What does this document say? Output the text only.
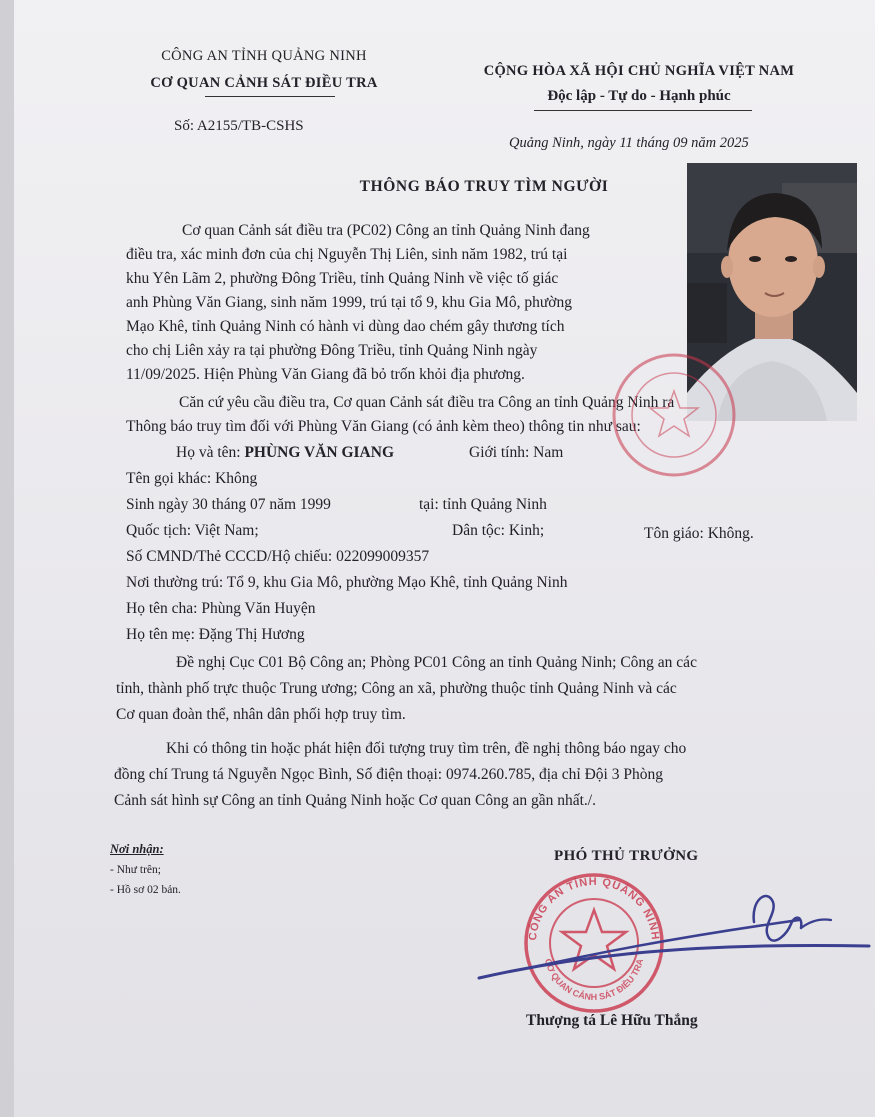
CÔNG AN TỈNH QUẢNG NINH
CƠ QUAN CẢNH SÁT ĐIỀU TRA
Số: A2155/TB-CSHS
CỘNG HÒA XÃ HỘI CHỦ NGHĨA VIỆT NAM
Độc lập - Tự do - Hạnh phúc
Quảng Ninh, ngày 11 tháng 09 năm 2025
THÔNG BÁO TRUY TÌM NGƯỜI
Cơ quan Cảnh sát điều tra (PC02) Công an tỉnh Quảng Ninh đang
điều tra, xác minh đơn của chị Nguyễn Thị Liên, sinh năm 1982, trú tại
khu Yên Lãm 2, phường Đông Triều, tỉnh Quảng Ninh về việc tố giác
anh Phùng Văn Giang, sinh năm 1999, trú tại tổ 9, khu Gia Mô, phường
Mạo Khê, tỉnh Quảng Ninh có hành vi dùng dao chém gây thương tích
cho chị Liên xảy ra tại phường Đông Triều, tỉnh Quảng Ninh ngày
11/09/2025. Hiện Phùng Văn Giang đã bỏ trốn khỏi địa phương.
Căn cứ yêu cầu điều tra, Cơ quan Cảnh sát điều tra Công an tỉnh Quảng Ninh ra
Thông báo truy tìm đối với Phùng Văn Giang (có ảnh kèm theo) thông tin như sau:
Họ và tên: PHÙNG VĂN GIANG	Giới tính: Nam
Tên gọi khác: Không
Sinh ngày 30 tháng 07 năm 1999	tại: tỉnh Quảng Ninh
Quốc tịch: Việt Nam;	Dân tộc: Kinh;	Tôn giáo: Không.
Số CMND/Thẻ CCCD/Hộ chiếu: 022099009357
Nơi thường trú: Tổ 9, khu Gia Mô, phường Mạo Khê, tỉnh Quảng Ninh
Họ tên cha: Phùng Văn Huyện
Họ tên mẹ: Đặng Thị Hương
Đề nghị Cục C01 Bộ Công an; Phòng PC01 Công an tỉnh Quảng Ninh; Công an các
tỉnh, thành phố trực thuộc Trung ương; Công an xã, phường thuộc tỉnh Quảng Ninh và các
Cơ quan đoàn thể, nhân dân phối hợp truy tìm.
Khi có thông tin hoặc phát hiện đối tượng truy tìm trên, đề nghị thông báo ngay cho
đồng chí Trung tá Nguyễn Ngọc Bình, Số điện thoại: 0974.260.785, địa chỉ Đội 3 Phòng
Cảnh sát hình sự Công an tỉnh Quảng Ninh hoặc Cơ quan Công an gần nhất./.
Nơi nhận:
- Như trên;
- Hồ sơ 02 bản.
PHÓ THỦ TRƯỞNG
Thượng tá Lê Hữu Thắng
CÔNG AN TỈNH QUẢNG NINH
CƠ QUAN CẢNH SÁT ĐIỀU TRA
